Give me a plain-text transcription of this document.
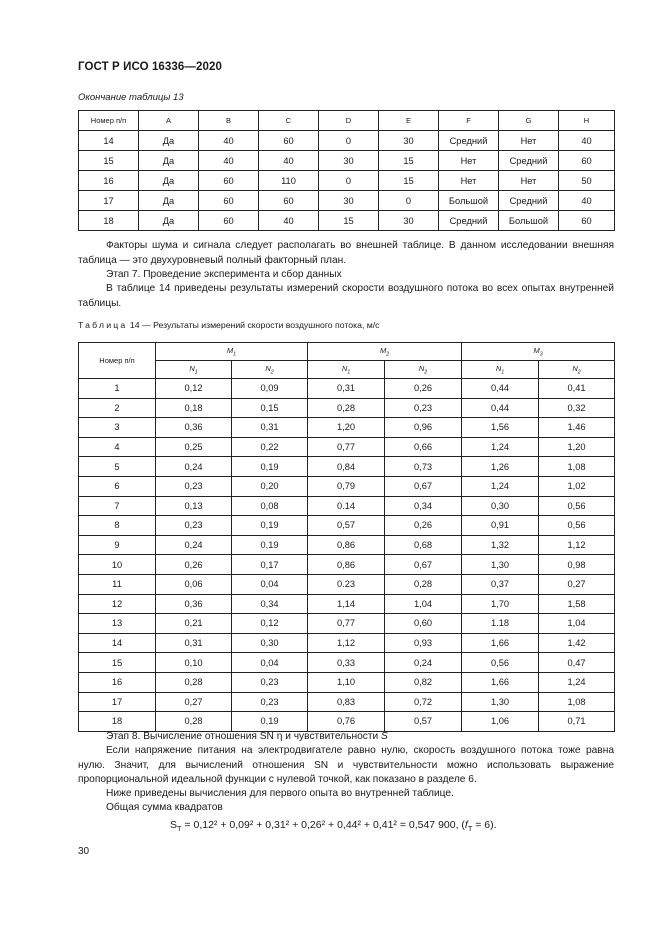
ГОСТ Р ИСО 16336—2020
Окончание таблицы 13
Номер п/п	A	B	C	D	E	F	G	H
14	Да	40	60	0	30	Средний	Нет	40
15	Да	40	40	30	15	Нет	Средний	60
16	Да	60	110	0	15	Нет	Нет	50
17	Да	60	60	30	0	Большой	Средний	40
18	Да	60	40	15	30	Средний	Большой	60
Факторы шума и сигнала следует располагать во внешней таблице. В данном исследовании внешняя таблица — это двухуровневый полный факторный план.
Этап 7. Проведение эксперимента и сбор данных
В таблице 14 приведены результаты измерений скорости воздушного потока во всех опытах внутренней таблицы.
Таблица 14 — Результаты измерений скорости воздушного потока, м/с
Номер п/п	$M_1$		$M_2$		$M_3$
	$N_1$	$N_2$	$N_1$	$N_2$	$N_1$	$N_2$
1	0,12	0,09	0,31	0,26	0,44	0,41
2	0,18	0,15	0,28	0,23	0,44	0,32
3	0,36	0,31	1,20	0,96	1,56	1,46
4	0,25	0,22	0,77	0,66	1,24	1,20
5	0,24	0,19	0,84	0,73	1,26	1,08
6	0,23	0,20	0,79	0,67	1,24	1,02
7	0,13	0,08	0.14	0,34	0,30	0,56
8	0,23	0,19	0,57	0,26	0,91	0,56
9	0,24	0,19	0,86	0,68	1,32	1,12
10	0,26	0,17	0,86	0,67	1,30	0,98
11	0,06	0,04	0.23	0,28	0,37	0,27
12	0,36	0,34	1,14	1,04	1,70	1,58
13	0,21	0,12	0,77	0,60	1.18	1,04
14	0,31	0,30	1,12	0,93	1,66	1,42
15	0,10	0,04	0,33	0,24	0,56	0,47
16	0,28	0,23	1,10	0,82	1,66	1,24
17	0,27	0,23	0,83	0,72	1,30	1,08
18	0,28	0,19	0,76	0,57	1,06	0,71
Этап 8. Вычисление отношения SN η и чувствительности S
Если напряжение питания на электродвигателе равно нулю, скорость воздушного потока тоже равна нулю. Значит, для вычислений отношения SN и чувствительности можно использовать выражение пропорциональной идеальной функции с нулевой точкой, как показано в разделе 6.
Ниже приведены вычисления для первого опыта во внутренней таблице.
Общая сумма квадратов
$S_T = 0,12^2 + 0,09^2 + 0,31^2 + 0,26^2 + 0,44^2 + 0,41^2 = 0,547$ 900, $(f_T = 6)$.
30
